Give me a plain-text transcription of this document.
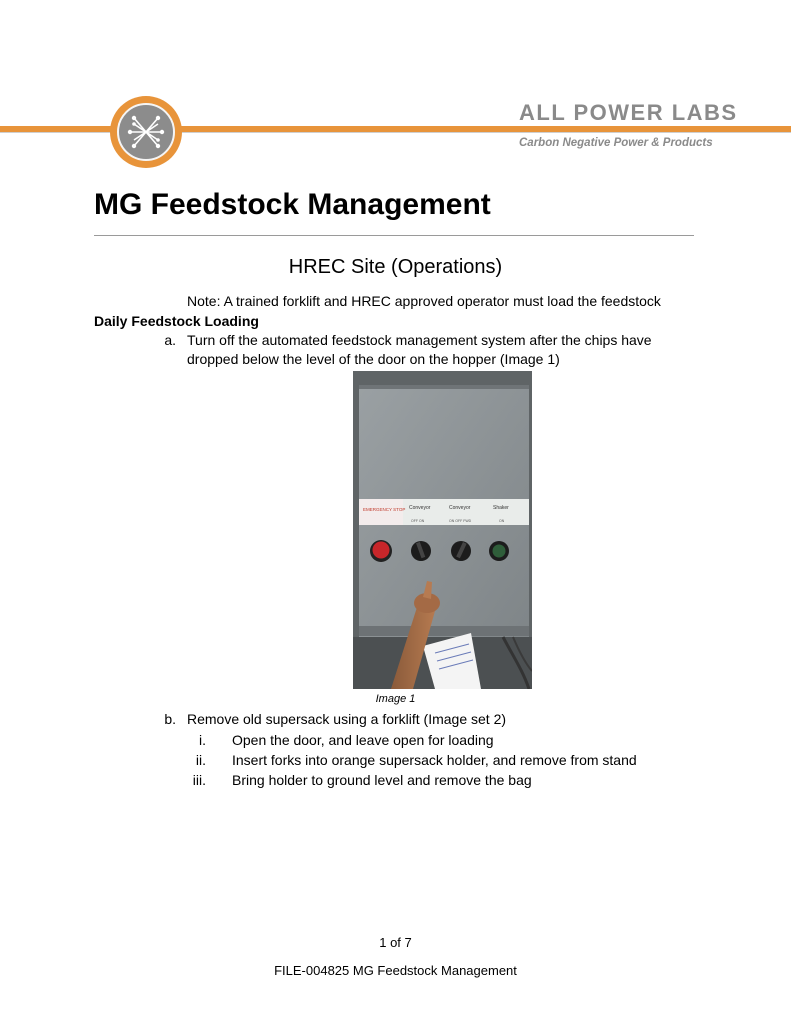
ALL POWER LABS
Carbon Negative Power & Products
MG Feedstock Management
HREC Site (Operations)
Note: A trained forklift and HREC approved operator must load the feedstock
Daily Feedstock Loading
a. Turn off the automated feedstock management system after the chips have
dropped below the level of the door on the hopper (Image 1)
EMERGENCY STOP Conveyor	Conveyor	Shaker
OFF ON	ON OFF FWD	ON
Image 1
b. Remove old supersack using a forklift (Image set 2)
i. Open the door, and leave open for loading
ii. Insert forks into orange supersack holder, and remove from stand
iii. Bring holder to ground level and remove the bag
1 of 7
FILE-004825 MG Feedstock Management
